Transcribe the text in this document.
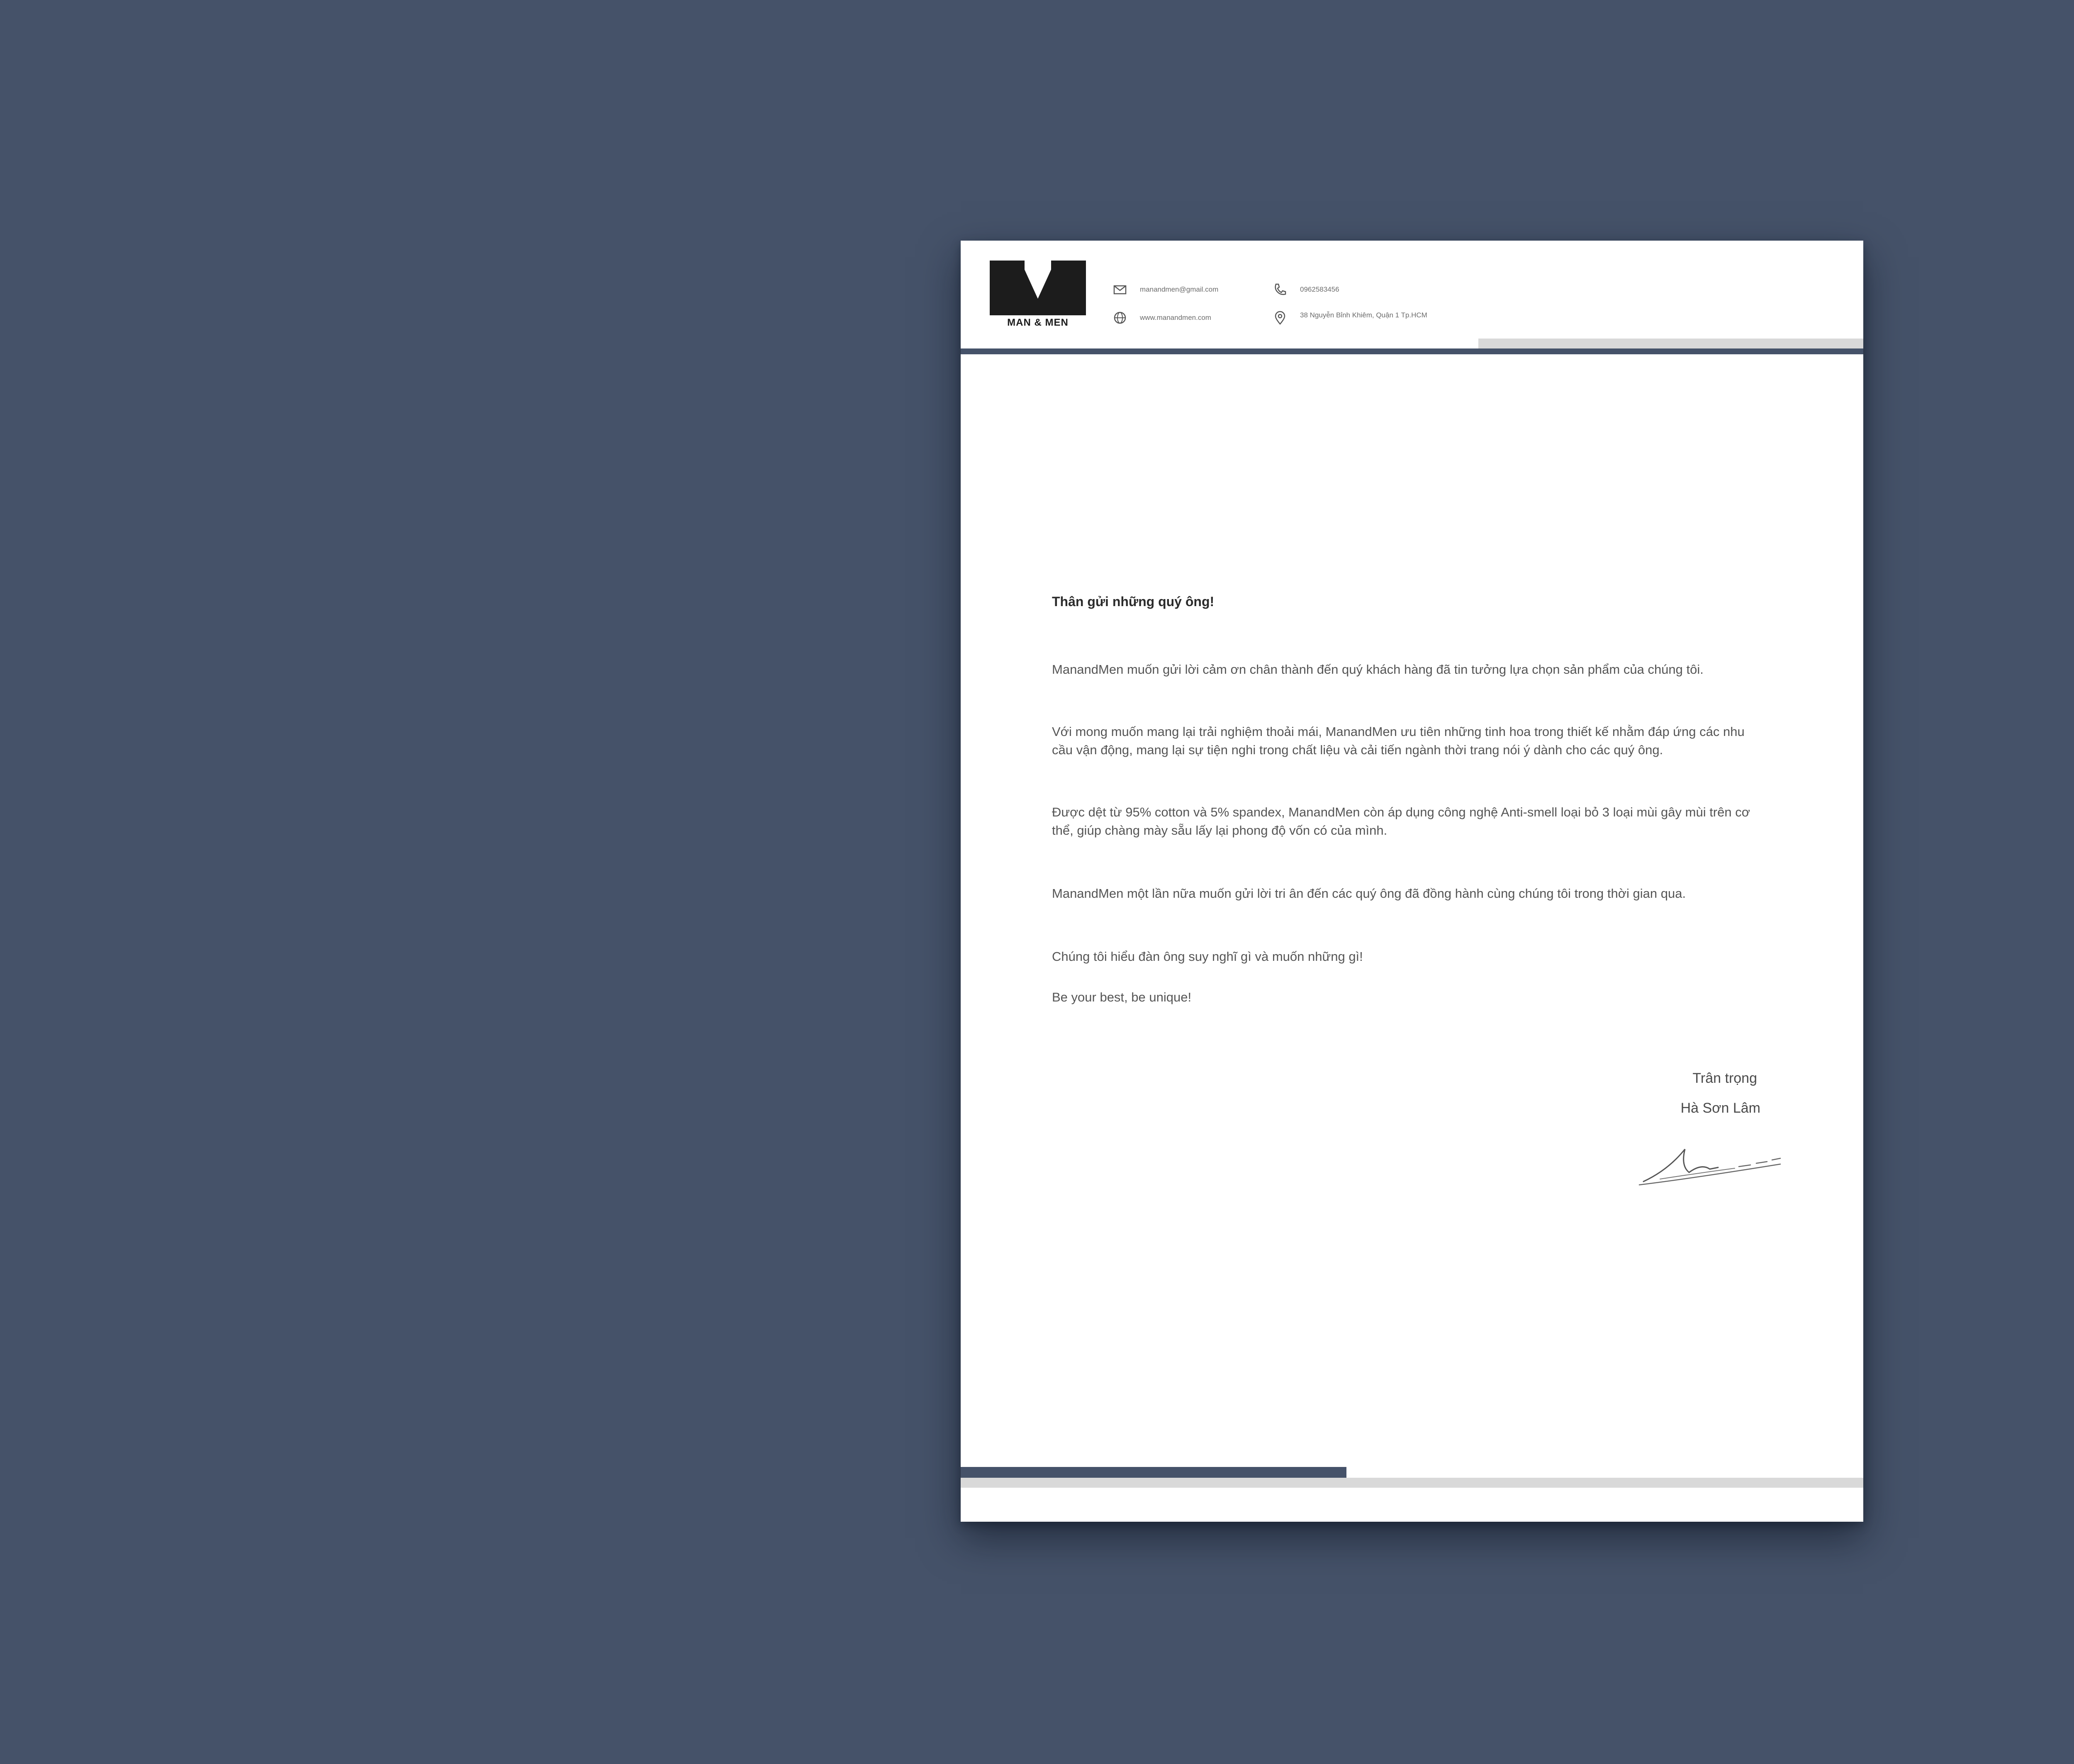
MAN & MEN
manandmen@gmail.com	0962583456
www.manandmen.com	38 Nguyễn Bỉnh Khiêm, Quận 1 Tp.HCM
Thân gửi những quý ông!
ManandMen muốn gửi lời cảm ơn chân thành đến quý khách hàng đã tin tưởng lựa chọn sản phẩm của chúng tôi.
Với mong muốn mang lại trải nghiệm thoải mái, ManandMen ưu tiên những tinh hoa trong thiết kế nhằm đáp ứng các nhu cầu vận động, mang lại sự tiện nghi trong chất liệu và cải tiến ngành thời trang nói ý dành cho các quý ông.
Được dệt từ 95% cotton và 5% spandex, ManandMen còn áp dụng công nghệ Anti-smell loại bỏ 3 loại mùi gây mùi trên cơ thể, giúp chàng mày sẵu lấy lại phong độ vốn có của mình.
ManandMen một lần nữa muốn gửi lời tri ân đến các quý ông đã đồng hành cùng chúng tôi trong thời gian qua.
Chúng tôi hiểu đàn ông suy nghĩ gì và muốn những gì!
Be your best, be unique!
Trân trọng
Hà Sơn Lâm
